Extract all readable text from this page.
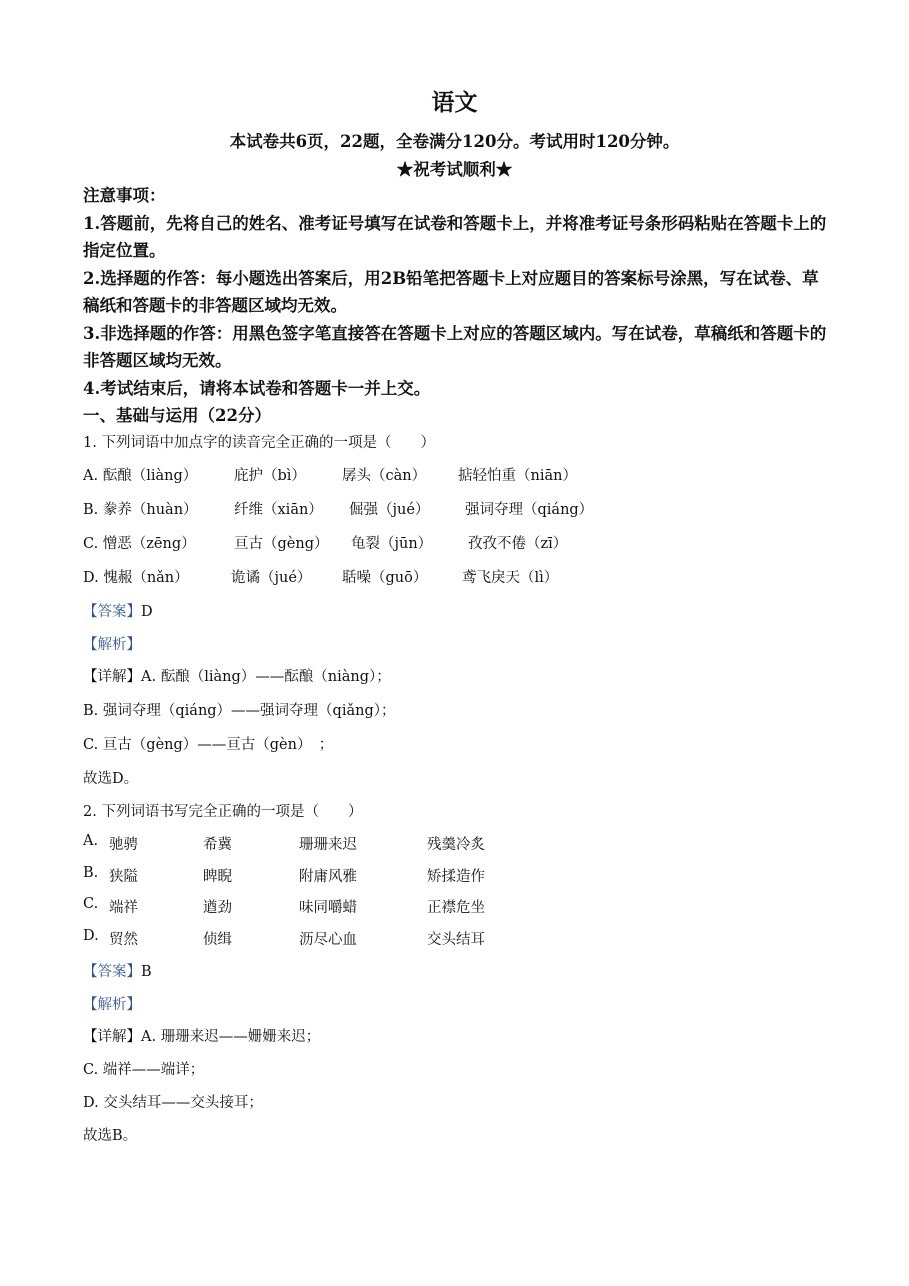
语文
本试卷共6页，22题，全卷满分120分。考试用时120分钟。
★祝考试顺利★

注意事项：

1.答题前，先将自己的姓名、准考证号填写在试卷和答题卡上，并将准考证号条形码粘贴在答题卡上的指定位置。

2.选择题的作答：每小题选出答案后，用2B铅笔把答题卡上对应题目的答案标号涂黑，写在试卷、草稿纸和答题卡的非答题区域均无效。

3.非选择题的作答：用黑色签字笔直接答在答题卡上对应的答题区域内。写在试卷，草稿纸和答题卡的非答题区域均无效。

4.考试结束后，请将本试卷和答题卡一并上交。

一、基础与运用（22分）
1. 下列词语中加点字的读音完全正确的一项是（　　）
A. 酝酿（liàng）	庇护（bì） 孱头（càn） 掂轻怕重（niān）
B. 豢养（huàn）	纤维（xiān） 倔强（jué） 强词夺理（qiáng）
C. 憎恶（zēng）	亘古（gèng） 龟裂（jūn） 孜孜不倦（zī）
D. 愧赧（nǎn）	诡谲（jué） 聒噪（guō） 鸢飞戾天（lì）
【答案】D
【解析】
【详解】A. 酝酿（liàng）——酝酿（niàng）；
B. 强词夺理（qiáng）——强词夺理（qiǎng）；
C. 亘古（gèng）——亘古（gèn）　；
故选D。
2. 下列词语书写完全正确的一项是（　　）
A. 驰骋	希冀	珊珊来迟	残羹冷炙
B. 狭隘	睥睨	附庸风雅	矫揉造作
C. 端祥	遒劲	味同嚼蜡	正襟危坐
D. 贸然	侦缉	沥尽心血	交头结耳
【答案】B
【解析】
【详解】A. 珊珊来迟——姗姗来迟；
C. 端祥——端详；
D. 交头结耳——交头接耳；
故选B。
